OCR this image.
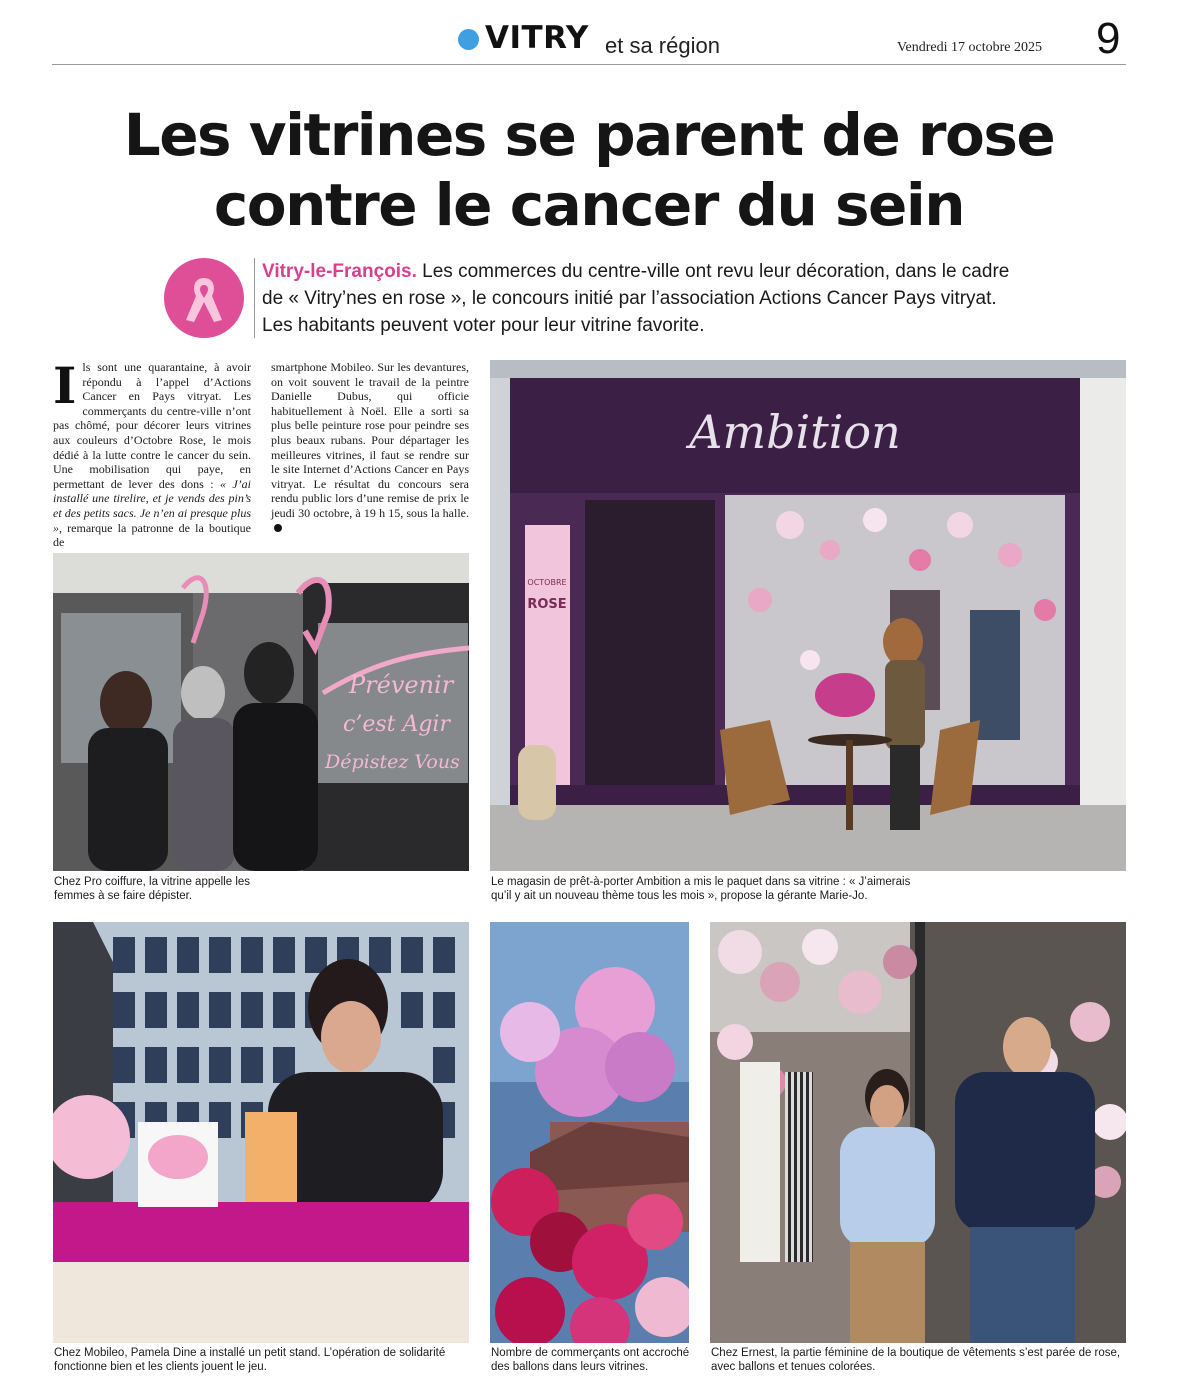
VITRY et sa région	Vendredi 17 octobre 2025 9
Les vitrines se parent de rose
contre le cancer du sein

Vitry-le-François. Les commerces du centre-ville ont revu leur décoration, dans le cadre de « Vitry’nes en rose », le concours initié par l’association Actions Cancer Pays vitryat. Les habitants peuvent voter pour leur vitrine favorite.

Ils sont une quarantaine, à avoir répondu à l’appel d’Actions Cancer en Pays vitryat. Les commerçants du centre-ville n’ont pas chômé, pour décorer leurs vitrines aux couleurs d’Octobre Rose, le mois dédié à la lutte contre le cancer du sein. Une mobilisation qui paye, en permettant de lever des dons : « J’ai installé une tirelire, et je vends des pin’s et des petits sacs. Je n’en ai presque plus », remarque la patronne de la boutique de
smartphone Mobileo. Sur les devantures, on voit souvent le travail de la peintre Danielle Dubus, qui officie habituellement à Noël. Elle a sorti sa plus belle peinture rose pour peindre ses plus beaux rubans. Pour départager les meilleures vitrines, il faut se rendre sur le site Internet d’Actions Cancer en Pays vitryat. Le résultat du concours sera rendu public lors d’une remise de prix le jeudi 30 octobre, à 19 h 15, sous la halle.
Prévenir
c’est Agir
Dépistez Vous

Chez Pro coiffure, la vitrine appelle les femmes à se faire dépister.

Ambition
OCTOBRE
ROSE

Le magasin de prêt-à-porter Ambition a mis le paquet dans sa vitrine : « J’aimerais qu’il y ait un nouveau thème tous les mois », propose la gérante Marie-Jo.

Chez Mobileo, Pamela Dine a installé un petit stand. L’opération de solidarité fonctionne bien et les clients jouent le jeu.

Nombre de commerçants ont accroché des ballons dans leurs vitrines.

Chez Ernest, la partie féminine de la boutique de vêtements s’est parée de rose, avec ballons et tenues colorées.
